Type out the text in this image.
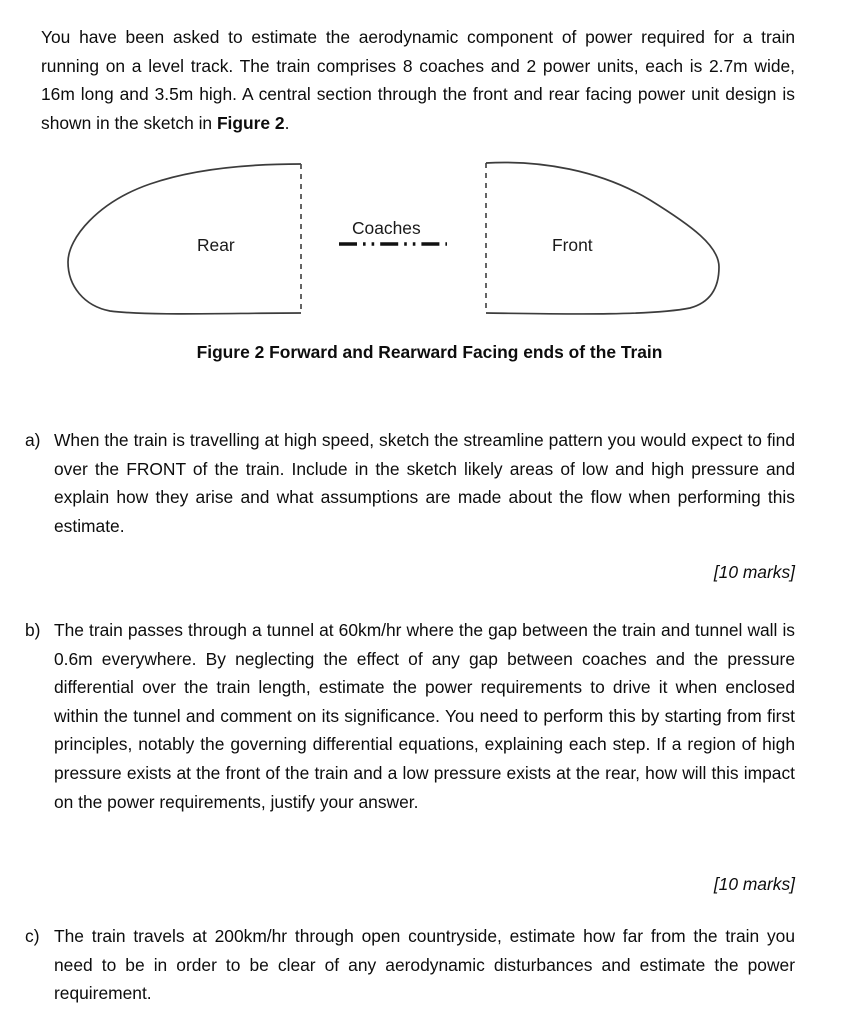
You have been asked to estimate the aerodynamic component of power required for a train running on a level track. The train comprises 8 coaches and 2 power units, each is 2.7m wide, 16m long and 3.5m high. A central section through the front and rear facing power unit design is shown in the sketch in Figure 2.

Rear	Front
Coaches
Figure 2 Forward and Rearward Facing ends of the Train
a) When the train is travelling at high speed, sketch the streamline pattern you would expect to find over the FRONT of the train. Include in the sketch likely areas of low and high pressure and explain how they arise and what assumptions are made about the flow when performing this estimate.
[10 marks]
b) The train passes through a tunnel at 60km/hr where the gap between the train and tunnel wall is 0.6m everywhere. By neglecting the effect of any gap between coaches and the pressure differential over the train length, estimate the power requirements to drive it when enclosed within the tunnel and comment on its significance. You need to perform this by starting from first principles, notably the governing differential equations, explaining each step. If a region of high pressure exists at the front of the train and a low pressure exists at the rear, how will this impact on the power requirements, justify your answer.
[10 marks]
c) The train travels at 200km/hr through open countryside, estimate how far from the train you need to be in order to be clear of any aerodynamic disturbances and estimate the power requirement.
